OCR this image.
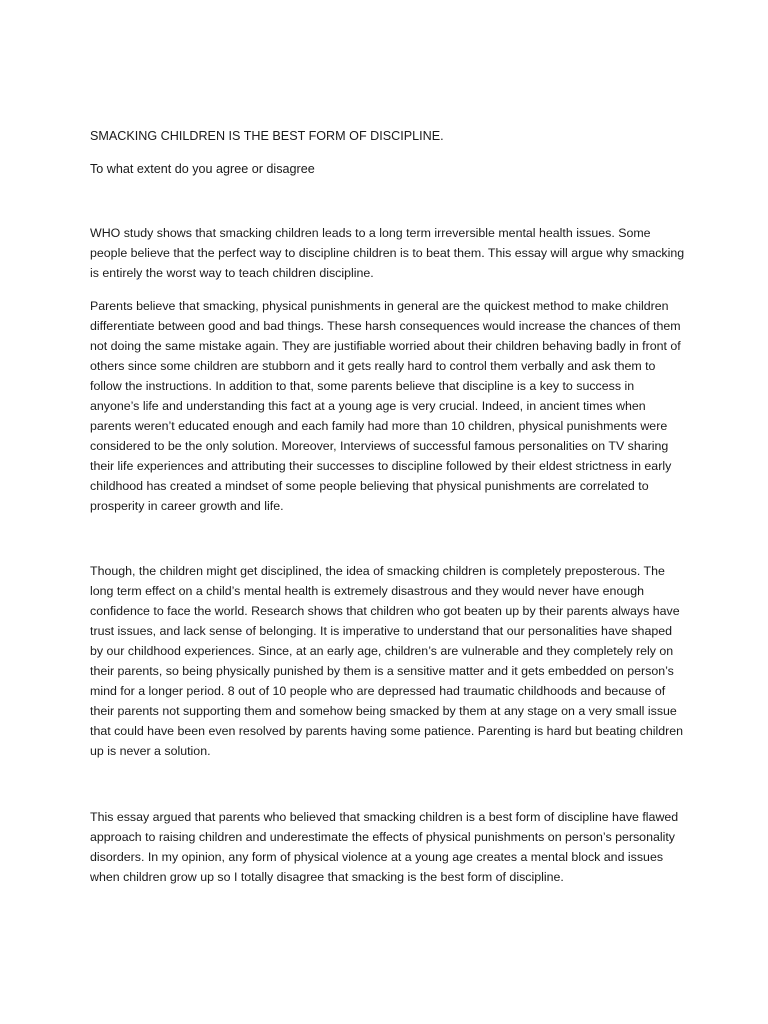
SMACKING CHILDREN IS THE BEST FORM OF DISCIPLINE.

To what extent do you agree or disagree

WHO study shows that smacking children leads to a long term irreversible mental health issues. Some people believe that the perfect way to discipline children is to beat them. This essay will argue why smacking is entirely the worst way to teach children discipline.

Parents believe that smacking, physical punishments in general are the quickest method to make children differentiate between good and bad things. These harsh consequences would increase the chances of them not doing the same mistake again. They are justifiable worried about their children behaving badly in front of others since some children are stubborn and it gets really hard to control them verbally and ask them to follow the instructions. In addition to that, some parents believe that discipline is a key to success in anyone’s life and understanding this fact at a young age is very crucial. Indeed, in ancient times when parents weren’t educated enough and each family had more than 10 children, physical punishments were considered to be the only solution. Moreover, Interviews of successful famous personalities on TV sharing their life experiences and attributing their successes to discipline followed by their eldest strictness in early childhood has created a mindset of some people believing that physical punishments are correlated to prosperity in career growth and life.

Though, the children might get disciplined, the idea of smacking children is completely preposterous. The long term effect on a child’s mental health is extremely disastrous and they would never have enough confidence to face the world. Research shows that children who got beaten up by their parents always have trust issues, and lack sense of belonging. It is imperative to understand that our personalities have shaped by our childhood experiences. Since, at an early age, children’s are vulnerable and they completely rely on their parents, so being physically punished by them is a sensitive matter and it gets embedded on person’s mind for a longer period. 8 out of 10 people who are depressed had traumatic childhoods and because of their parents not supporting them and somehow being smacked by them at any stage on a very small issue that could have been even resolved by parents having some patience. Parenting is hard but beating children up is never a solution.

This essay argued that parents who believed that smacking children is a best form of discipline have flawed approach to raising children and underestimate the effects of physical punishments on person’s personality disorders. In my opinion, any form of physical violence at a young age creates a mental block and issues when children grow up so I totally disagree that smacking is the best form of discipline.
